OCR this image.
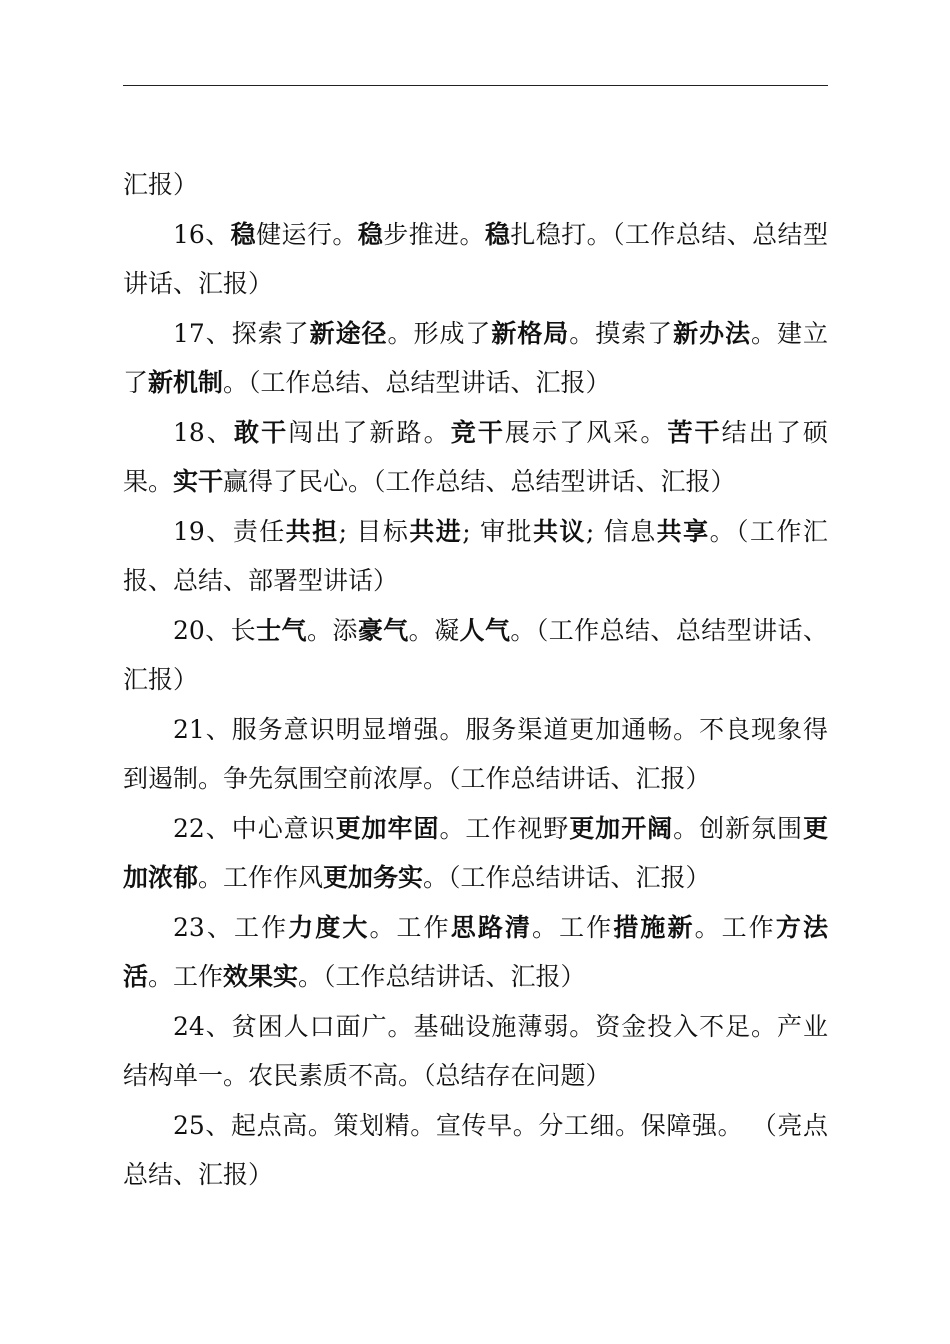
汇报）

16、稳健运行。稳步推进。稳扎稳打。（工作总结、总结型讲话、汇报）

17、探索了新途径。形成了新格局。摸索了新办法。建立了新机制。（工作总结、总结型讲话、汇报）

18、敢干闯出了新路。竞干展示了风采。苦干结出了硕果。实干赢得了民心。（工作总结、总结型讲话、汇报）

19、责任共担; 目标共进; 审批共议; 信息共享。（工作汇报、总结、部署型讲话）

20、长士气。添豪气。凝人气。（工作总结、总结型讲话、汇报）

21、服务意识明显增强。服务渠道更加通畅。不良现象得到遏制。争先氛围空前浓厚。（工作总结讲话、汇报）

22、中心意识更加牢固。工作视野更加开阔。创新氛围更加浓郁。工作作风更加务实。（工作总结讲话、汇报）

23、工作力度大。工作思路清。工作措施新。工作方法活。工作效果实。（工作总结讲话、汇报）

24、贫困人口面广。基础设施薄弱。资金投入不足。产业结构单一。农民素质不高。（总结存在问题）

25、起点高。策划精。宣传早。分工细。保障强。 （亮点总结、汇报）
